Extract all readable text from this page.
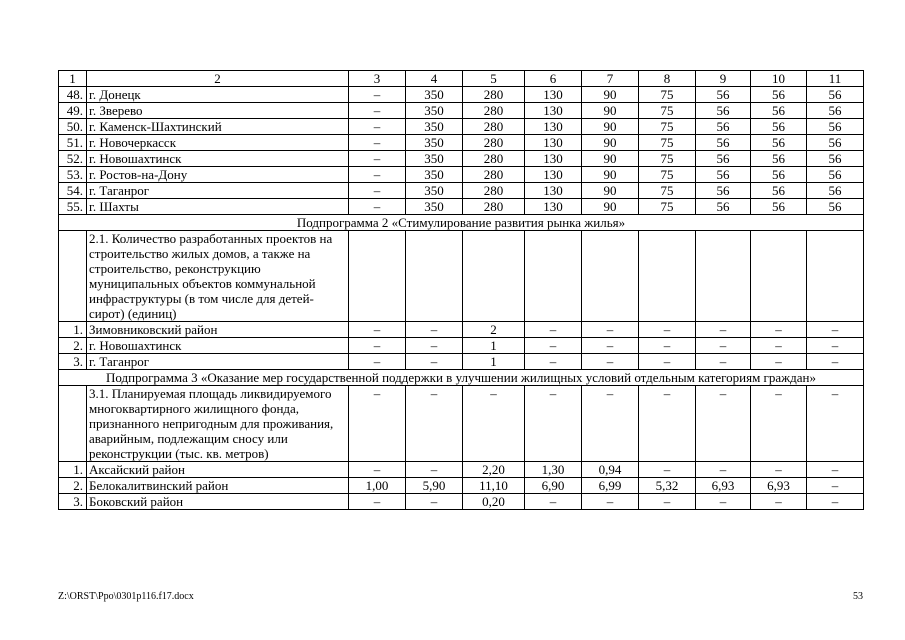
1	2	3	4	5	6	7	8	9	10	11
48.	г. Донецк	–	350	280	130	90	75	56	56	56
49.	г. Зверево	–	350	280	130	90	75	56	56	56
50.	г. Каменск-Шахтинский	–	350	280	130	90	75	56	56	56
51.	г. Новочеркасск	–	350	280	130	90	75	56	56	56
52.	г. Новошахтинск	–	350	280	130	90	75	56	56	56
53.	г. Ростов-на-Дону	–	350	280	130	90	75	56	56	56
54.	г. Таганрог	–	350	280	130	90	75	56	56	56
55.	г. Шахты	–	350	280	130	90	75	56	56	56
Подпрограмма 2 «Стимулирование развития рынка жилья»										
	2.1. Количество разработанных проектов на строительство жилых домов, а также на строительство, реконструкцию муниципальных объектов коммунальной инфраструктуры (в том числе для детей-сирот) (единиц)									
1.	Зимовниковский район	–	–	2	–	–	–	–	–	–
2.	г. Новошахтинск	–	–	1	–	–	–	–	–	–
3.	г. Таганрог	–	–	1	–	–	–	–	–	–
Подпрограмма 3 «Оказание мер государственной поддержки в улучшении жилищных условий отдельным категориям граждан»										
	3.1. Планируемая площадь ликвидируемого многоквартирного жилищного фонда, признанного непригодным для проживания, аварийным, подлежащим сносу или реконструкции (тыс. кв. метров)	–	–	–	–	–	–	–	–	–
1.	Аксайский район	–	–	2,20	1,30	0,94	–	–	–	–
2.	Белокалитвинский район	1,00	5,90	11,10	6,90	6,99	5,32	6,93	6,93	–
3.	Боковский район	–	–	0,20	–	–	–	–	–	–
Z:\ORST\Ppo\0301p116.f17.docx	53
